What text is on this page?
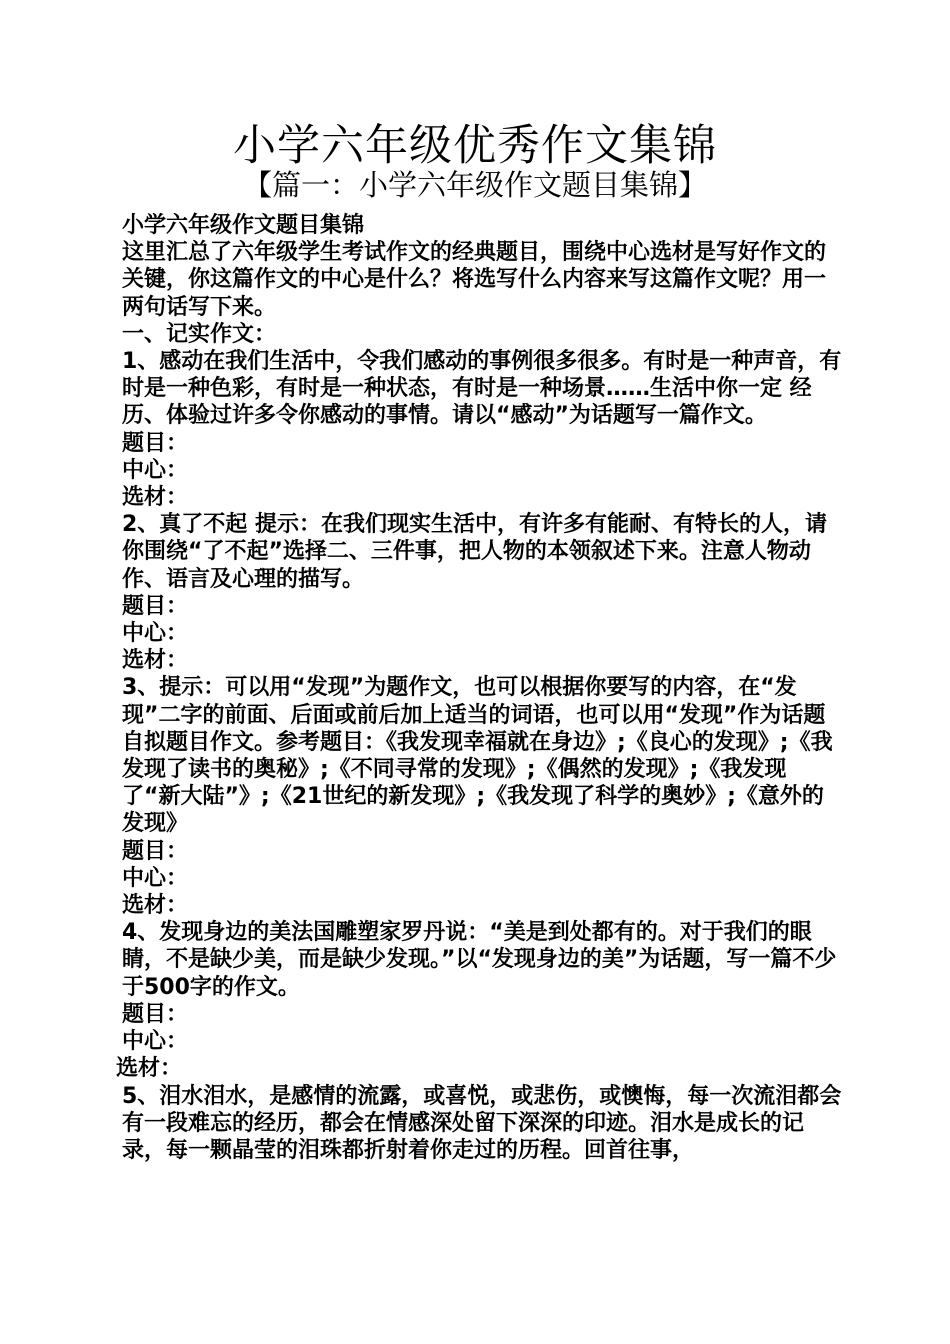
小学六年级优秀作文集锦
【篇一：小学六年级作文题目集锦】

小学六年级作文题目集锦

这里汇总了六年级学生考试作文的经典题目，围绕中心选材是写好作文的关键，你这篇作文的中心是什么？将选写什么内容来写这篇作文呢？用一两句话写下来。

一、记实作文：

1、感动在我们生活中，令我们感动的事例很多很多。有时是一种声音，有时是一种色彩，有时是一种状态，有时是一种场景……生活中你一定 经历、体验过许多令你感动的事情。请以“感动”为话题写一篇作文。

题目：

中心：

选材：

2、真了不起 提示：在我们现实生活中，有许多有能耐、有特长的人，请你围绕“了不起”选择二、三件事，把人物的本领叙述下来。注意人物动作、语言及心理的描写。

题目：

中心：

选材：

3、提示：可以用“发现”为题作文，也可以根据你要写的内容，在“发现”二字的前面、后面或前后加上适当的词语，也可以用“发现”作为话题自拟题目作文。参考题目：《我发现幸福就在身边》;《良心的发现》;《我发现了读书的奥秘》;《不同寻常的发现》;《偶然的发现》;《我发现了“新大陆”》;《21世纪的新发现》;《我发现了科学的奥妙》;《意外的发现》

题目：

中心：

选材：

4、发现身边的美法国雕塑家罗丹说：“美是到处都有的。对于我们的眼睛，不是缺少美，而是缺少发现。”以“发现身边的美”为话题，写一篇不少于500字的作文。

题目：

中心：

选材：

5、泪水泪水，是感情的流露，或喜悦，或悲伤，或懊悔，每一次流泪都会有一段难忘的经历，都会在情感深处留下深深的印迹。泪水是成长的记录，每一颗晶莹的泪珠都折射着你走过的历程。回首往事，
